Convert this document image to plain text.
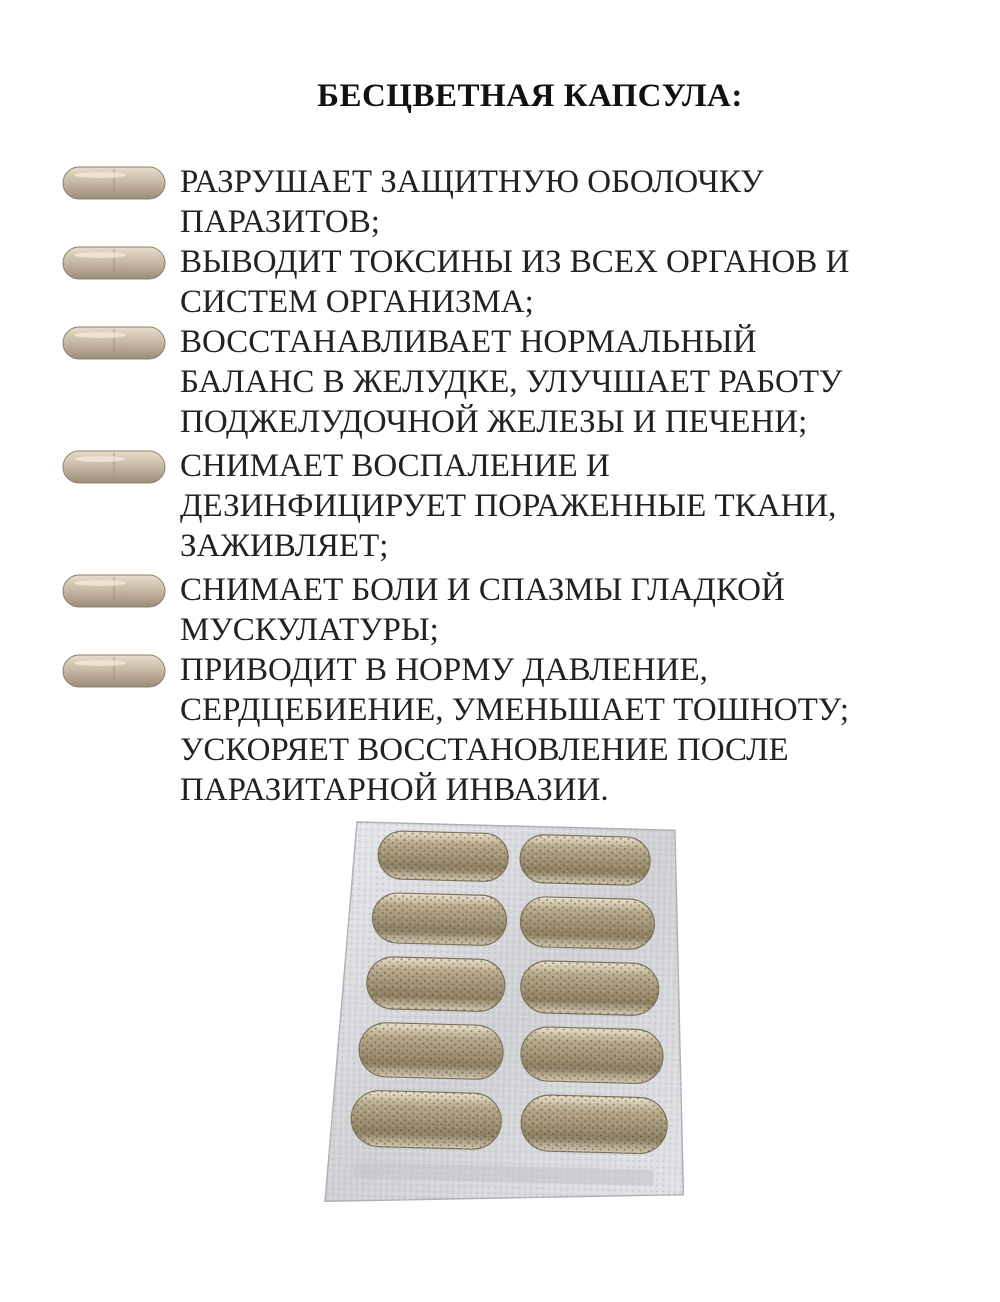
БЕСЦВЕТНАЯ КАПСУЛА:
РАЗРУШАЕТ ЗАЩИТНУЮ ОБОЛОЧКУ
ПАРАЗИТОВ;
ВЫВОДИТ ТОКСИНЫ ИЗ ВСЕХ ОРГАНОВ И
СИСТЕМ ОРГАНИЗМА;
ВОССТАНАВЛИВАЕТ НОРМАЛЬНЫЙ
БАЛАНС В ЖЕЛУДКЕ, УЛУЧШАЕТ РАБОТУ
ПОДЖЕЛУДОЧНОЙ ЖЕЛЕЗЫ И ПЕЧЕНИ;
СНИМАЕТ ВОСПАЛЕНИЕ И
ДЕЗИНФИЦИРУЕТ ПОРАЖЕННЫЕ ТКАНИ,
ЗАЖИВЛЯЕТ;
СНИМАЕТ БОЛИ И СПАЗМЫ ГЛАДКОЙ
МУСКУЛАТУРЫ;
ПРИВОДИТ В НОРМУ ДАВЛЕНИЕ,
СЕРДЦЕБИЕНИЕ, УМЕНЬШАЕТ ТОШНОТУ;
УСКОРЯЕТ ВОССТАНОВЛЕНИЕ ПОСЛЕ
ПАРАЗИТАРНОЙ ИНВАЗИИ.
